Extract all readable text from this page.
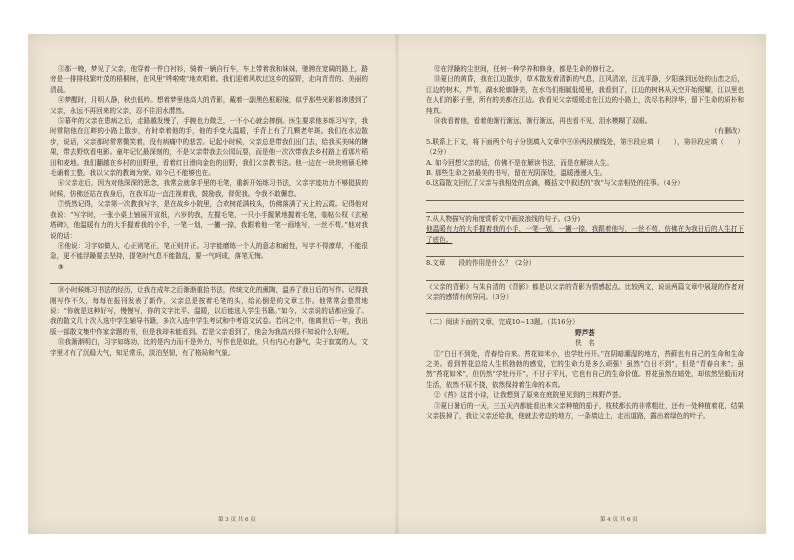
③那一晚，梦见了父亲，他穿着一件白衬衫，骑着一辆自行车，车上带着我和妹妹，驰骋在宽阔的路上，路旁是一排排枝繁叶茂的梧桐树，在风里“哗啦啦”地欢唱着。我们迎着风吹过这乡的原野，走向青青的、美丽的清晨。

④梦醒时，月明人静，秋虫低吟。想着梦里他高大的背影，戴着一副黑色框眼镜，似乎那些光影都渗透到了父亲，永远不再回来的父亲，忍不住泪水潸然。

⑤幕年的父亲在患病之后，走路越发慢了，手腕也力微乏，一不小心就会摔倒。医生要求他多练习写字，我时常陪他在江畔的小路上散步，有时牵着他的手，他的手变大温暖，手背上有了几颗老年斑。我们在水边散步，说话，父亲那时常常微笑着，没有病痛中的悲苦。记起小时候，父亲总是带我们出门去，给我买美味的糖果，带去野炊看电影。童年记忆最深刻的，不是父亲带我去公园玩耍，而是他一次次带我去乡村路上看那片稻田和麦地。我们翻越在乡村的田野里，看着红日滑向金色的田野，我们父亲教书法。他一边在一块块庭硕毛棒毛诵着工整。我以父亲的教诲为荣。如今已不能够也在。

⑥父亲走后，因为对他深深的思念，我常会就拿手里的毛笔，重新开始练习书法，父亲字迹功力不够挺拔的时候，仿佛还站在我身后，在我耳边一直注视着我，鼓励我，督促我。令我不敢懈怠。

⑦恍然记得，父亲第一次教我写字，是在故乡小院里，合欢树花满枝头，仿佛落满了天上的云霞。记得他对我说：“写字时，一张小桌上铺展开宣纸，六岁的我，左握毛笔，一只小手握紧地握着毛笔，临帖公权《玄秘塔碑》，他温暖有力的大手握着我的小手，一笔一划，一撇一捺，我跟着他一笔一画地写，一丝不苟。”他对我说的话：

⑧他说：习字如做人，心正则笔正，笔正则并正。习字能磨练一个人的意志和耐性，写字不得潦草，不能很急，更不能浮躁要去坚持，提笔时气息不能散乱，要一气呵成，落笔无悔。

⑨

⑩小时候练习书法的经历，让我在成年之后渐渐重拾书法，传统文化的熏陶，温养了我日后的写作。记得我刚写作不久，每每在报刊发表了新作，父亲总是按着毛笔的头，给沁倒是的文章工作。他常常会整贯地说：“你就是这种好写，慢慢写，你的文字比平、温暖，以后能选入学生书籍。”如今，父亲说的话都应验了。我的散文几十次入选中学生辅导书籍，多次入选中学生考试和中考语文试卷。若问之中，他离世后一年，我出版一部散文集中作家亲题的书，但是我却未能看到。若是父亲看到了，他会为我高兴得不知说什么好呢。

⑪我渐渐明白，习字如练功，比的是内力而不是外力，写作也是如此，只有内心有静气，尖于寂寞的人，文字里才有了沉稳大气，知足常乐，淡泊坚韧，有了格局和气象。

⑫在浮躁的尘世间，任何一种学养和修身，都是生命的修行之。

⑬夏日的黄昏，我在江边散步，草木散发着清新的气息，江风清凉，江流平静，夕阳落到远处的山峦之后，江边的树木，芦苇，湖水轮廓静美，在水鸟们细腻低缓里，我看到了，江边的树林从天空开始照耀，江以里也在人们的影子里，所有的美都在江边。我看见父亲缓缓走在江边的小路上，洗尽名利浮华，留下生命的质朴和纯真。

⑭我看着他，看着他渐行渐远，渐行渐远，再也看不见，泪水模糊了双眼。

（有删改）

5.联系上下文，将下面两个句子分别填入文章中⑨⑩两段横线处，第⑨段应填（　　），第⑩段应填（　　）（2分）

A. 如今回想父亲的话，仿佛不是在解读书法，而是在解读人生。

B. 那些生命之初最美的书写，留在光阴深处，温暖漫漫人生。

6.这篇散文回忆了父亲与我相处的点滴，概括文中叙述的“我”与父亲相处的往事。（4分）

7.从人物描写的角度赏析文中画波浪线的句子。(3分)

他温暖有力的大手握着我的小手，一笔一划，一撇一捺，我跟着他写，一丝不苟，仿佛在为我日后的人生打下了底色。

8.文章　　段的作用是什么？（2分）

《父亲的背影》与朱自清的《背影》都是以父亲的背影为情感起点。比较两文，说说两篇文章中展现的作者对父亲的感情有何异同。（3分）

（二）阅读下面的文章，完成10~13题。（共16分）

野芦荟

佚　名

①“白日不到处，青春恰自来。苔花如米小，也学牡丹开。”在阴暗潮湿的地方，苔藓也有自己的生命和生命之美。看到苔花总给人生机勃勃的感觉，它的生命力是多么顽强！虽然“白日不到”，但是“青春自来”；虽然“苔花如米”，但仍然“学牡丹开”。不甘于平凡，它也有自己的生命价值。苔花虽然在暗处，却依然坚毅而对生活，依然不屈不挠，依然保持着生命的本真。

②《苔》这首小诗，让我想到了原来在庭院里见到的三株野芦荟。

③夏日暑后的一天，三五天内都能看出来父亲种植的茄子，枝枝都长的非常粗壮，还有一处种植着花，结果父亲拔掉了，我让父亲还给我，他就去旁边的地方，一条墙边上，走出道路，露出着绿色的叶子。

第 3 页 共 6 页	第 4 页 共 6 页
